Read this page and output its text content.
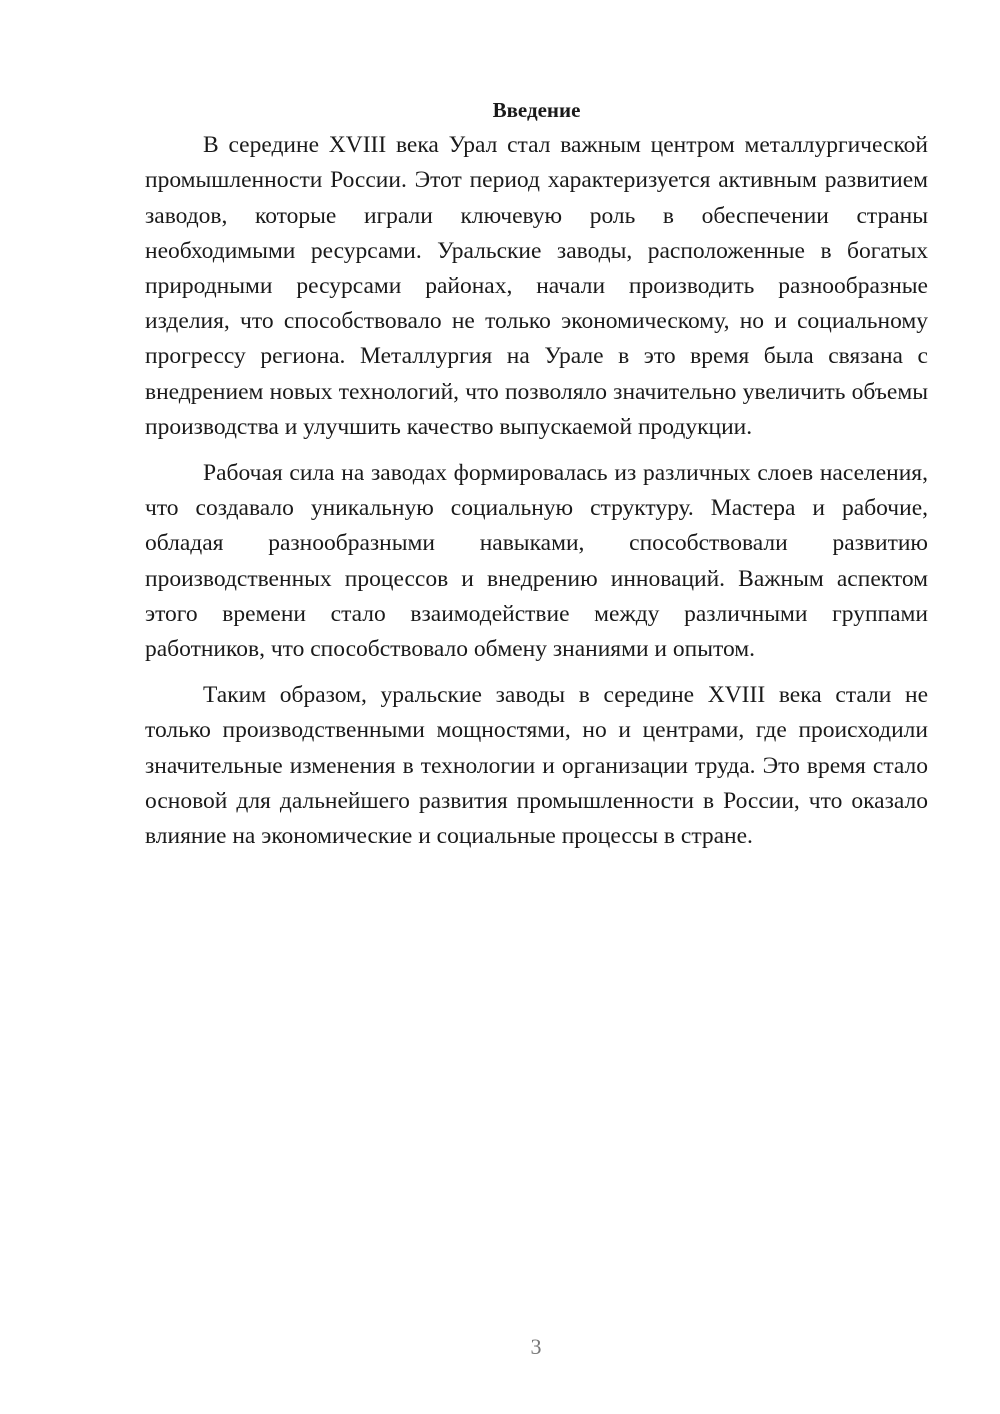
Введение

В середине XVIII века Урал стал важным центром металлургической промышленности России. Этот период характеризуется активным развитием заводов, которые играли ключевую роль в обеспечении страны необходимыми ресурсами. Уральские заводы, расположенные в богатых природными ресурсами районах, начали производить разнообразные изделия, что способствовало не только экономическому, но и социальному прогрессу региона. Металлургия на Урале в это время была связана с внедрением новых технологий, что позволяло значительно увеличить объемы производства и улучшить качество выпускаемой продукции.

Рабочая сила на заводах формировалась из различных слоев населения, что создавало уникальную социальную структуру. Мастера и рабочие, обладая разнообразными навыками, способствовали развитию производственных процессов и внедрению инноваций. Важным аспектом этого времени стало взаимодействие между различными группами работников, что способствовало обмену знаниями и опытом.

Таким образом, уральские заводы в середине XVIII века стали не только производственными мощностями, но и центрами, где происходили значительные изменения в технологии и организации труда. Это время стало основой для дальнейшего развития промышленности в России, что оказало влияние на экономические и социальные процессы в стране.

3
